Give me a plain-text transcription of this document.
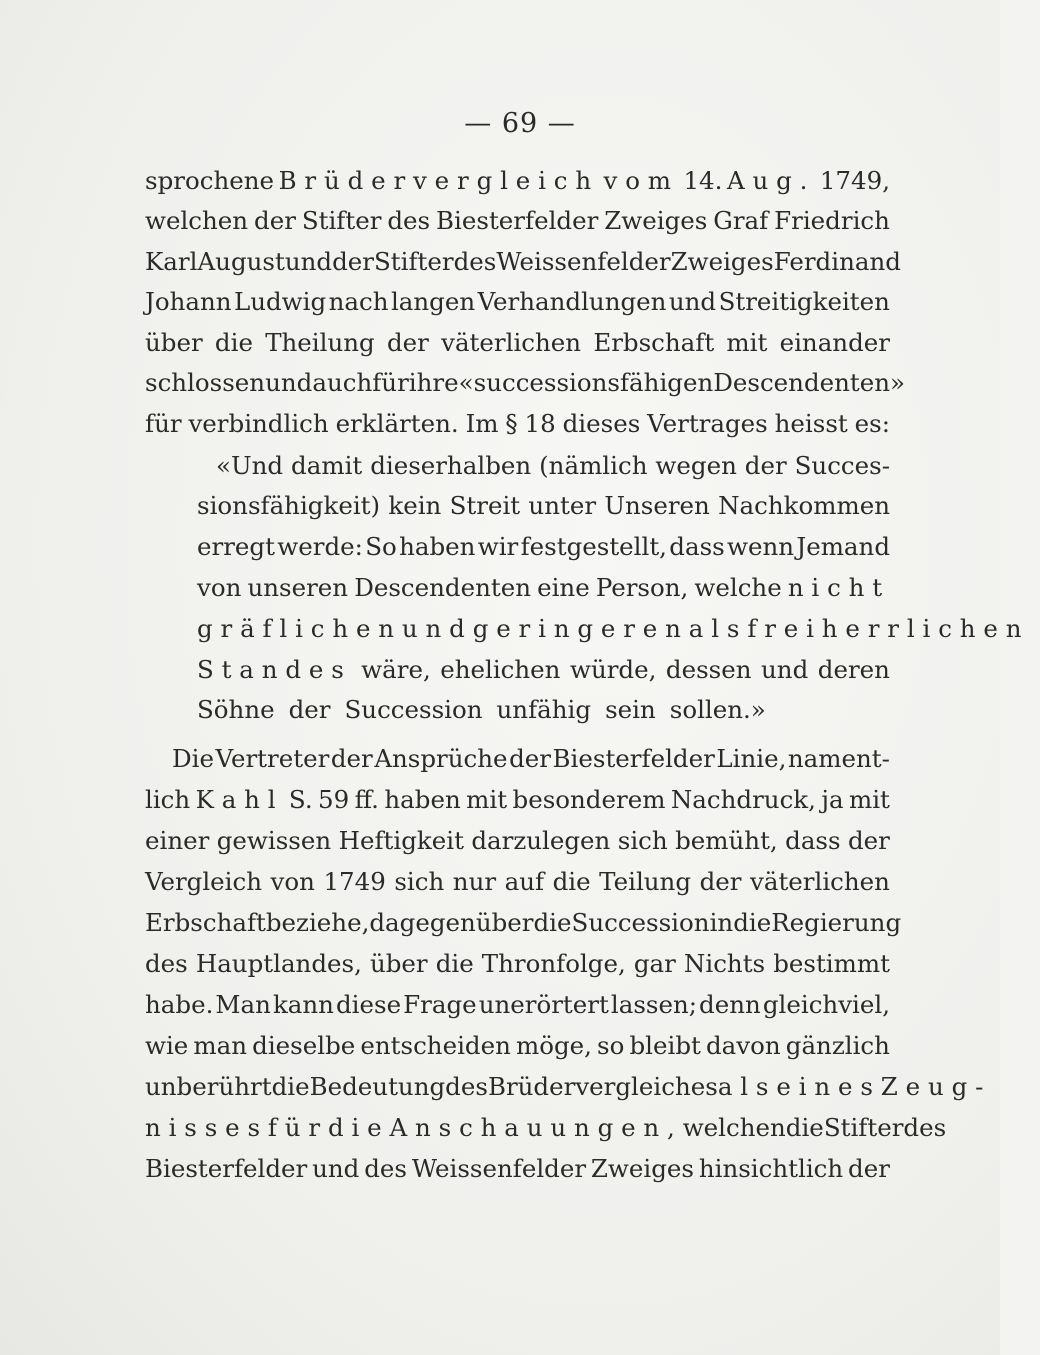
— 69 —
sprochene Brüdervergleich vom 14. Aug. 1749,
welchen der Stifter des Biesterfelder Zweiges Graf Friedrich
Karl August und der Stifter des Weissenfelder Zweiges Ferdinand
Johann Ludwig nach langen Verhandlungen und Streitigkeiten
über die Theilung der väterlichen Erbschaft mit einander
schlossen und auch für ihre «successionsfähigen Descendenten»
für verbindlich erklärten. Im § 18 dieses Vertrages heisst es:
«Und damit dieserhalben (nämlich wegen der Succes-
sionsfähigkeit) kein Streit unter Unseren Nachkommen
erregt werde: So haben wir festgestellt, dass wenn Jemand
von unseren Descendenten eine Person, welche nicht
gräflichen und geringeren als freiherrlichen
Standes wäre, ehelichen würde, dessen und deren
Söhne der Succession unfähig sein sollen.»
Die Vertreter der Ansprüche der Biesterfelder Linie, nament-
lich Kahl S. 59 ff. haben mit besonderem Nachdruck, ja mit
einer gewissen Heftigkeit darzulegen sich bemüht, dass der
Vergleich von 1749 sich nur auf die Teilung der väterlichen
Erbschaft beziehe, dagegen über die Succession in die Regierung
des Hauptlandes, über die Thronfolge, gar Nichts bestimmt
habe. Man kann diese Frage unerörtert lassen; denn gleichviel,
wie man dieselbe entscheiden möge, so bleibt davon gänzlich
unberührt die Bedeutung des Brüdervergleiches als eines Zeug-
nisses für die Anschauungen, welchen die Stifter des
Biesterfelder und des Weissenfelder Zweiges hinsichtlich der
